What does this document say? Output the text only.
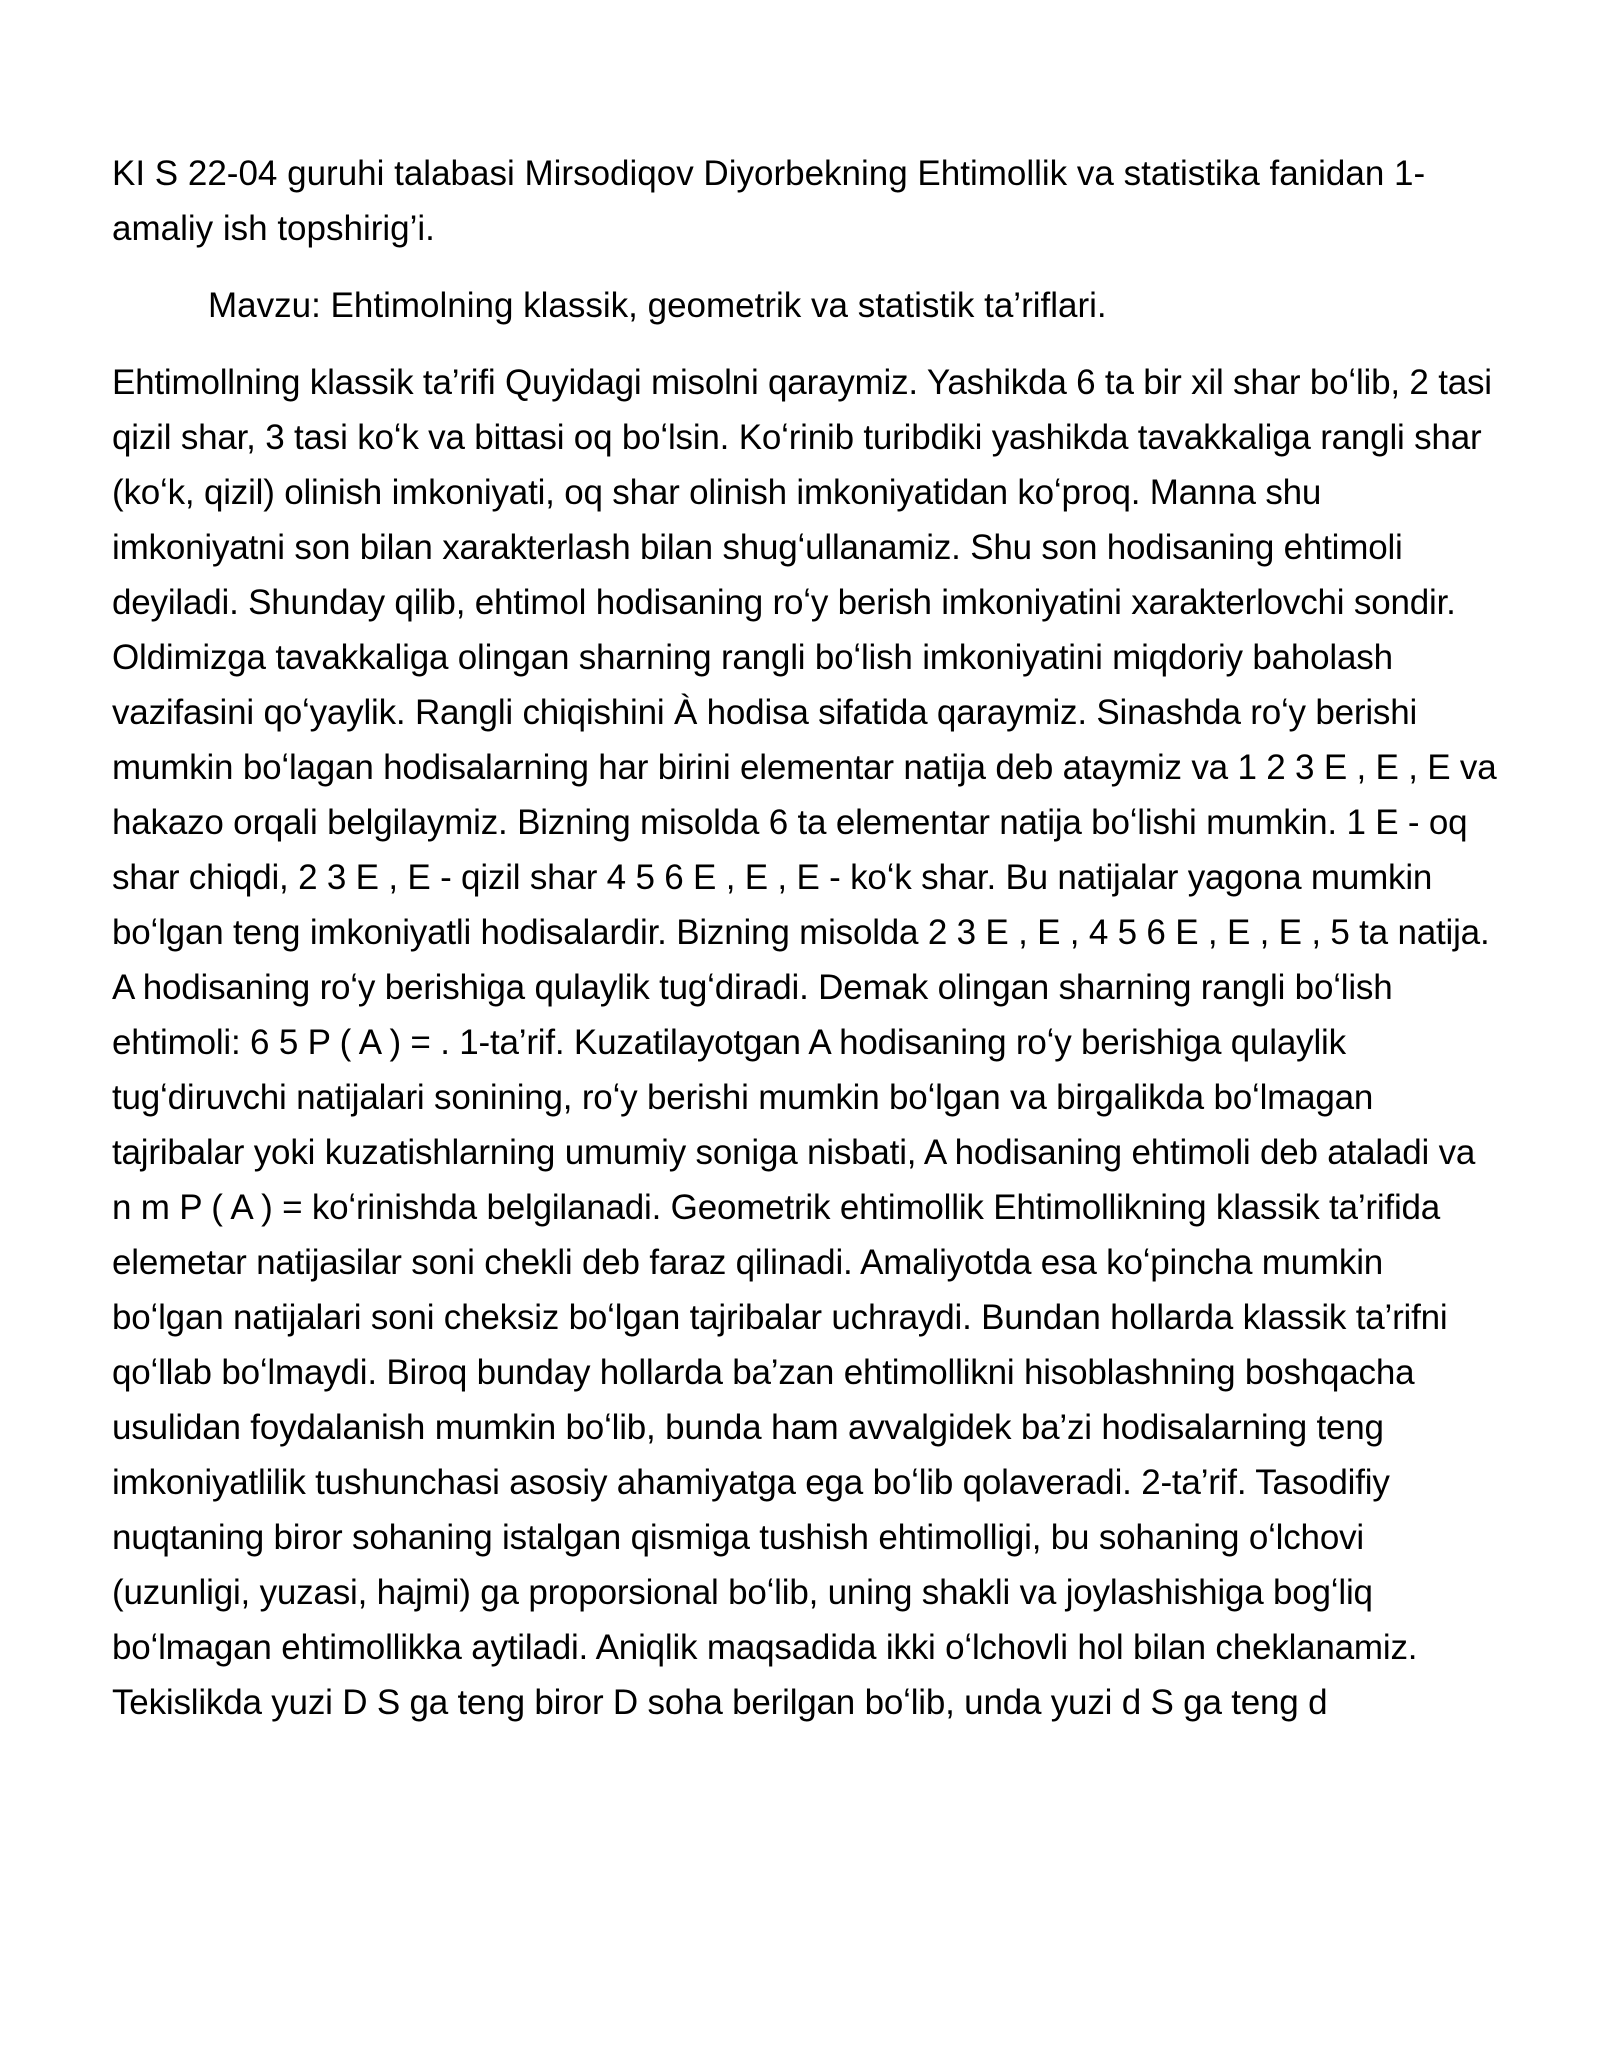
KI S 22-04 guruhi talabasi Mirsodiqov Diyorbekning Ehtimollik va statistika fanidan 1-amaliy ish topshirig’i.

Mavzu: Ehtimolning klassik, geometrik va statistik ta’riflari.

Ehtimollning klassik ta’rifi Quyidagi misolni qaraymiz. Yashikda 6 ta bir xil shar boʻlib, 2 tasi qizil shar, 3 tasi koʻk va bittasi oq boʻlsin. Koʻrinib turibdiki yashikda tavakkaliga rangli shar (koʻk, qizil) olinish imkoniyati, oq shar olinish imkoniyatidan koʻproq. Manna shu imkoniyatni son bilan xarakterlash bilan shugʻullanamiz. Shu son hodisaning ehtimoli deyiladi. Shunday qilib, ehtimol hodisaning roʻy berish imkoniyatini xarakterlovchi sondir. Oldimizga tavakkaliga olingan sharning rangli boʻlish imkoniyatini miqdoriy baholash vazifasini qoʻyaylik. Rangli chiqishini À hodisa sifatida qaraymiz. Sinashda roʻy berishi mumkin boʻlagan hodisalarning har birini elementar natija deb ataymiz va 1 2 3 E , E , E va hakazo orqali belgilaymiz. Bizning misolda 6 ta elementar natija boʻlishi mumkin. 1 E - oq shar chiqdi, 2 3 E , E - qizil shar 4 5 6 E , E , E - koʻk shar. Bu natijalar yagona mumkin boʻlgan teng imkoniyatli hodisalardir. Bizning misolda 2 3 E , E , 4 5 6 E , E , E , 5 ta natija. A hodisaning roʻy berishiga qulaylik tugʻdiradi. Demak olingan sharning rangli boʻlish ehtimoli: 6 5 P ( A ) = . 1-ta’rif. Kuzatilayotgan A hodisaning roʻy berishiga qulaylik tugʻdiruvchi natijalari sonining, roʻy berishi mumkin boʻlgan va birgalikda boʻlmagan tajribalar yoki kuzatishlarning umumiy soniga nisbati, A hodisaning ehtimoli deb ataladi va n m P ( A ) = koʻrinishda belgilanadi. Geometrik ehtimollik Ehtimollikning klassik ta’rifida elemetar natijasilar soni chekli deb faraz qilinadi. Amaliyotda esa koʻpincha mumkin boʻlgan natijalari soni cheksiz boʻlgan tajribalar uchraydi. Bundan hollarda klassik ta’rifni qoʻllab boʻlmaydi. Biroq bunday hollarda ba’zan ehtimollikni hisoblashning boshqacha usulidan foydalanish mumkin boʻlib, bunda ham avvalgidek ba’zi hodisalarning teng imkoniyatlilik tushunchasi asosiy ahamiyatga ega boʻlib qolaveradi. 2-ta’rif. Tasodifiy nuqtaning biror sohaning istalgan qismiga tushish ehtimolligi, bu sohaning oʻlchovi (uzunligi, yuzasi, hajmi) ga proporsional boʻlib, uning shakli va joylashishiga bogʻliq boʻlmagan ehtimollikka aytiladi. Aniqlik maqsadida ikki oʻlchovli hol bilan cheklanamiz. Tekislikda yuzi D S ga teng biror D soha berilgan boʻlib, unda yuzi d S ga teng d
